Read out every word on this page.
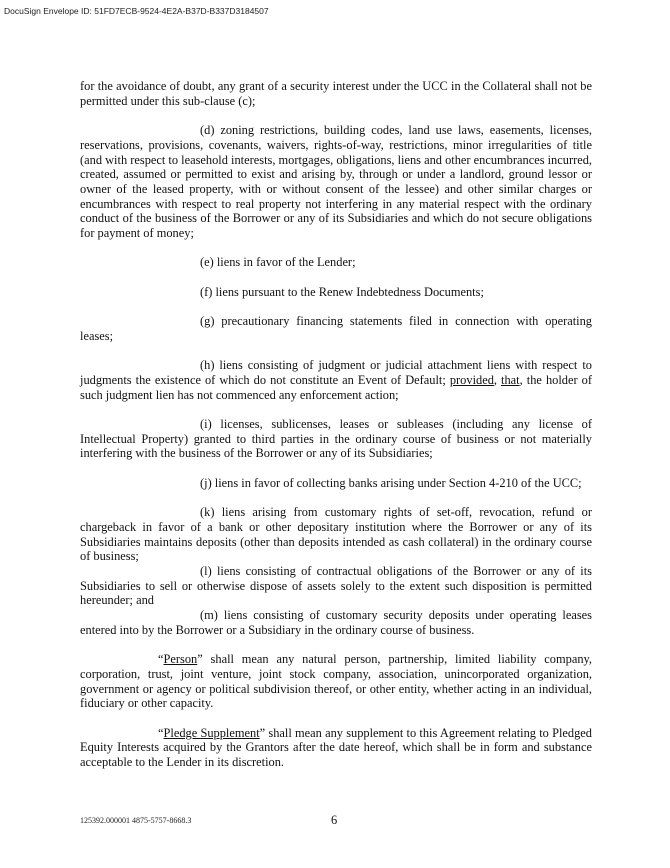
DocuSign Envelope ID: 51FD7ECB-9524-4E2A-B37D-B337D3184507

for the avoidance of doubt, any grant of a security interest under the UCC in the Collateral shall not be permitted under this sub-clause (c);

(d) zoning restrictions, building codes, land use laws, easements, licenses, reservations, provisions, covenants, waivers, rights-of-way, restrictions, minor irregularities of title (and with respect to leasehold interests, mortgages, obligations, liens and other encumbrances incurred, created, assumed or permitted to exist and arising by, through or under a landlord, ground lessor or owner of the leased property, with or without consent of the lessee) and other similar charges or encumbrances with respect to real property not interfering in any material respect with the ordinary conduct of the business of the Borrower or any of its Subsidiaries and which do not secure obligations for payment of money;

(e) liens in favor of the Lender;

(f) liens pursuant to the Renew Indebtedness Documents;

(g) precautionary financing statements filed in connection with operating leases;

(h) liens consisting of judgment or judicial attachment liens with respect to judgments the existence of which do not constitute an Event of Default; provided, that, the holder of such judgment lien has not commenced any enforcement action;

(i) licenses, sublicenses, leases or subleases (including any license of Intellectual Property) granted to third parties in the ordinary course of business or not materially interfering with the business of the Borrower or any of its Subsidiaries;

(j) liens in favor of collecting banks arising under Section 4-210 of the UCC;

(k) liens arising from customary rights of set-off, revocation, refund or chargeback in favor of a bank or other depositary institution where the Borrower or any of its Subsidiaries maintains deposits (other than deposits intended as cash collateral) in the ordinary course of business;

(l) liens consisting of contractual obligations of the Borrower or any of its Subsidiaries to sell or otherwise dispose of assets solely to the extent such disposition is permitted hereunder; and

(m) liens consisting of customary security deposits under operating leases entered into by the Borrower or a Subsidiary in the ordinary course of business.

“Person” shall mean any natural person, partnership, limited liability company, corporation, trust, joint venture, joint stock company, association, unincorporated organization, government or agency or political subdivision thereof, or other entity, whether acting in an individual, fiduciary or other capacity.

“Pledge Supplement” shall mean any supplement to this Agreement relating to Pledged Equity Interests acquired by the Grantors after the date hereof, which shall be in form and substance acceptable to the Lender in its discretion.

125392.000001 4875-5757-8668.3	6
